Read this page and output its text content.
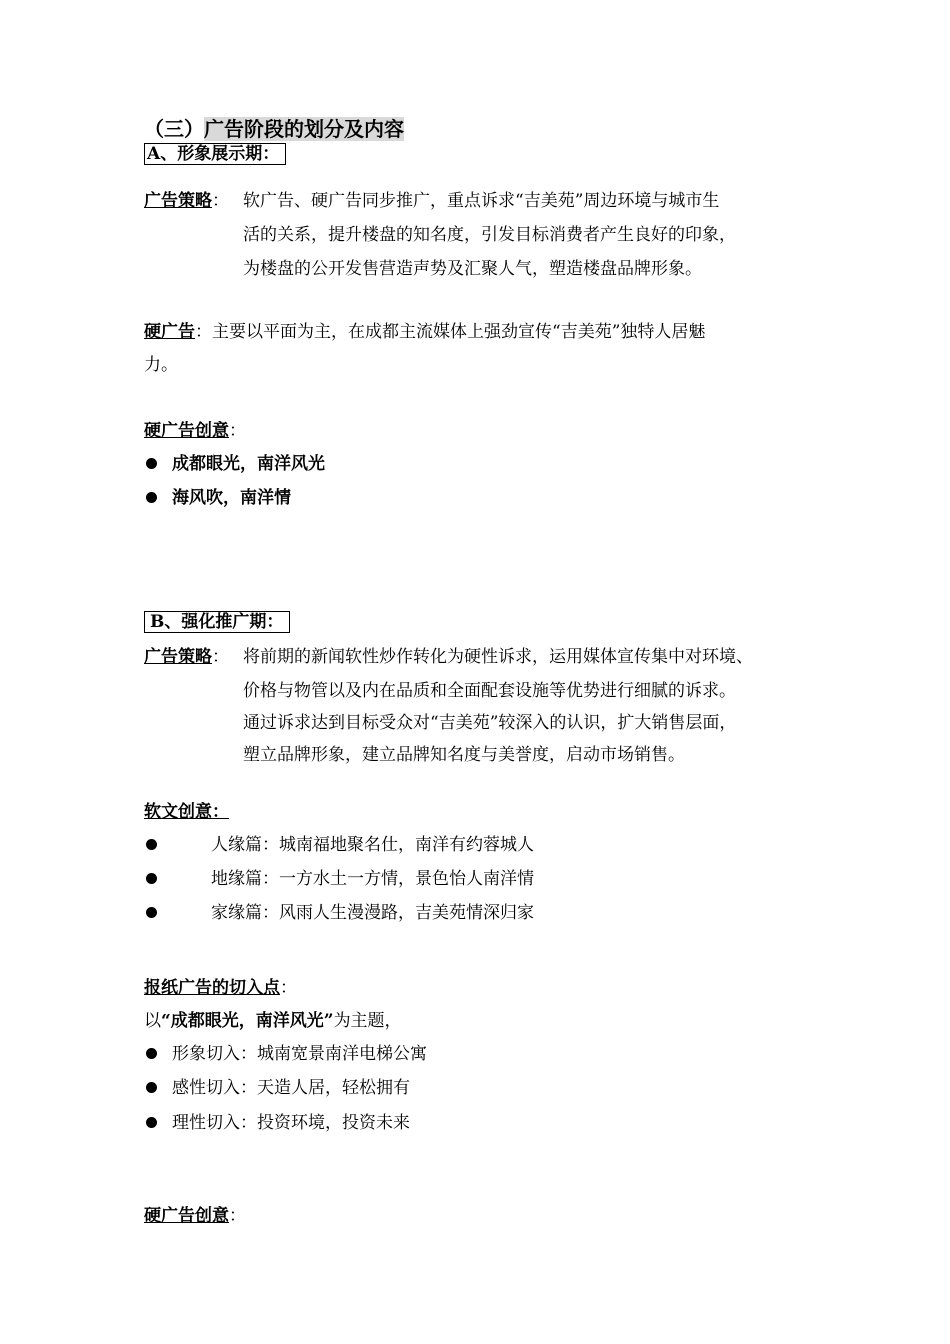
（三）广告阶段的划分及内容
A、形象展示期：
广告策略： 软广告、硬广告同步推广，重点诉求“吉美苑”周边环境与城市生
活的关系，提升楼盘的知名度，引发目标消费者产生良好的印象，
为楼盘的公开发售营造声势及汇聚人气，塑造楼盘品牌形象。
硬广告：主要以平面为主，在成都主流媒体上强劲宣传“吉美苑”独特人居魅
力。
硬广告创意：
成都眼光，南洋风光
海风吹，南洋情
B、强化推广期：
广告策略： 将前期的新闻软性炒作转化为硬性诉求，运用媒体宣传集中对环境、
价格与物管以及内在品质和全面配套设施等优势进行细腻的诉求。
通过诉求达到目标受众对“吉美苑”较深入的认识，扩大销售层面，
塑立品牌形象，建立品牌知名度与美誉度，启动市场销售。
软文创意：
人缘篇：城南福地聚名仕，南洋有约蓉城人
地缘篇：一方水土一方情，景色怡人南洋情
家缘篇：风雨人生漫漫路，吉美苑情深归家
报纸广告的切入点：
以“成都眼光，南洋风光”为主题，
形象切入：城南宽景南洋电梯公寓
感性切入：天造人居，轻松拥有
理性切入：投资环境，投资未来
硬广告创意：
